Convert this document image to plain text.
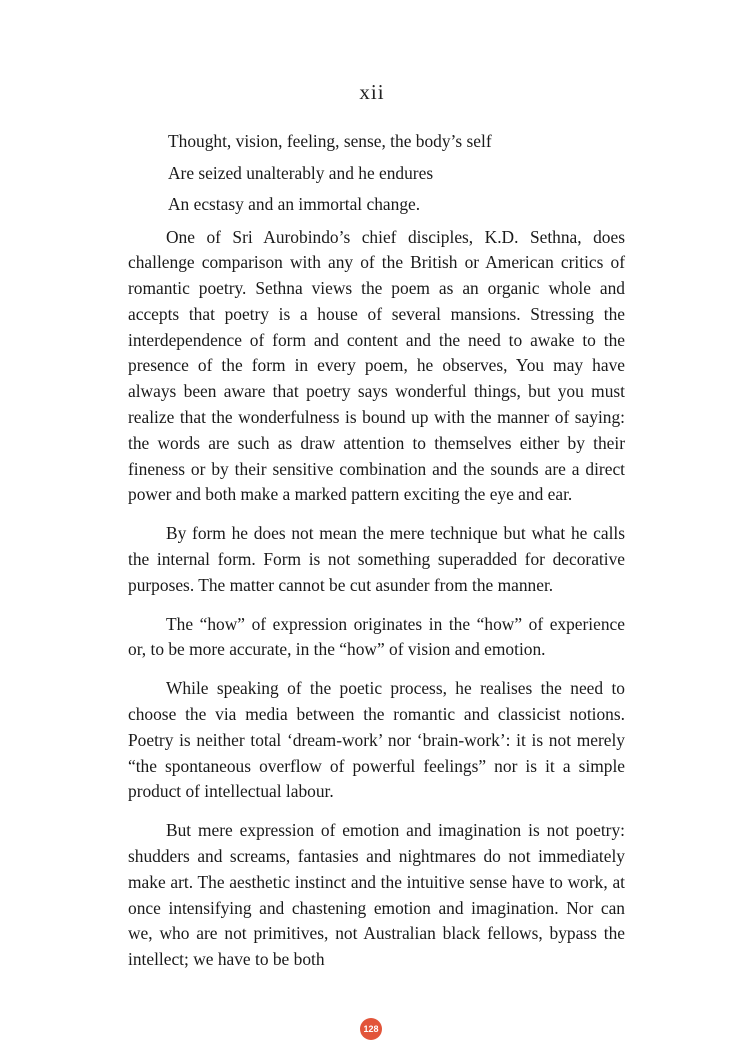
xii

Thought, vision, feeling, sense, the body’s self

Are seized unalterably and he endures

An ecstasy and an immortal change.

One of Sri Aurobindo’s chief disciples, K.D. Sethna, does challenge comparison with any of the British or American critics of romantic poetry. Sethna views the poem as an organic whole and accepts that poetry is a house of several mansions. Stressing the interdependence of form and content and the need to awake to the presence of the form in every poem, he observes, You may have always been aware that poetry says wonderful things, but you must realize that the wonderfulness is bound up with the manner of saying: the words are such as draw attention to themselves either by their fineness or by their sensitive combination and the sounds are a direct power and both make a marked pattern exciting the eye and ear.

By form he does not mean the mere technique but what he calls the internal form. Form is not something superadded for decorative purposes. The matter cannot be cut asunder from the manner.

The “how” of expression originates in the “how” of experience or, to be more accurate, in the “how” of vision and emotion.

While speaking of the poetic process, he realises the need to choose the via media between the romantic and classicist notions. Poetry is neither total ‘dream-work’ nor ‘brain-work’: it is not merely “the spontaneous overflow of powerful feelings” nor is it a simple product of intellectual labour.

But mere expression of emotion and imagination is not poetry: shudders and screams, fantasies and nightmares do not immediately make art. The aesthetic instinct and the intuitive sense have to work, at once intensifying and chastening emotion and imagination. Nor can we, who are not primitives, not Australian black fellows, bypass the intellect; we have to be both

128
